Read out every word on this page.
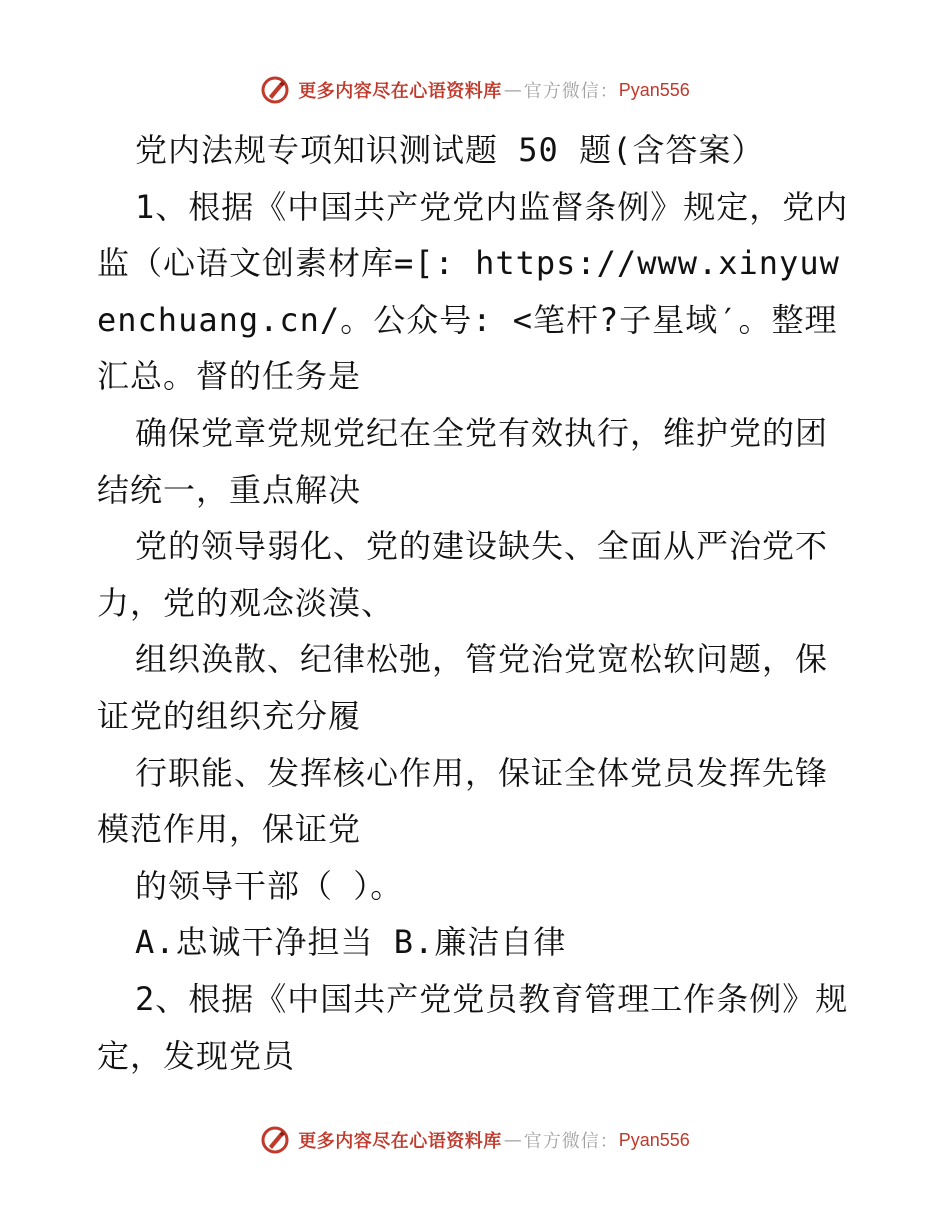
更多内容尽在心语资料库 — 官方微信： Pyan556

党内法规专项知识测试题 50 题(含答案）

1、根据《中国共产党党内监督条例》规定，党内监（心语文创素材库=[: https://www.xinyuwenchuang.cn/。公众号: <笔杆?子星域′。整理汇总。督的任务是

确保党章党规党纪在全党有效执行，维护党的团结统一，重点解决

党的领导弱化、党的建设缺失、全面从严治党不力，党的观念淡漠、

组织涣散、纪律松弛，管党治党宽松软问题，保证党的组织充分履

行职能、发挥核心作用，保证全体党员发挥先锋模范作用，保证党

的领导干部（ ）。

A.忠诚干净担当 B.廉洁自律

2、根据《中国共产党党员教育管理工作条例》规定，发现党员

更多内容尽在心语资料库 — 官方微信： Pyan556
